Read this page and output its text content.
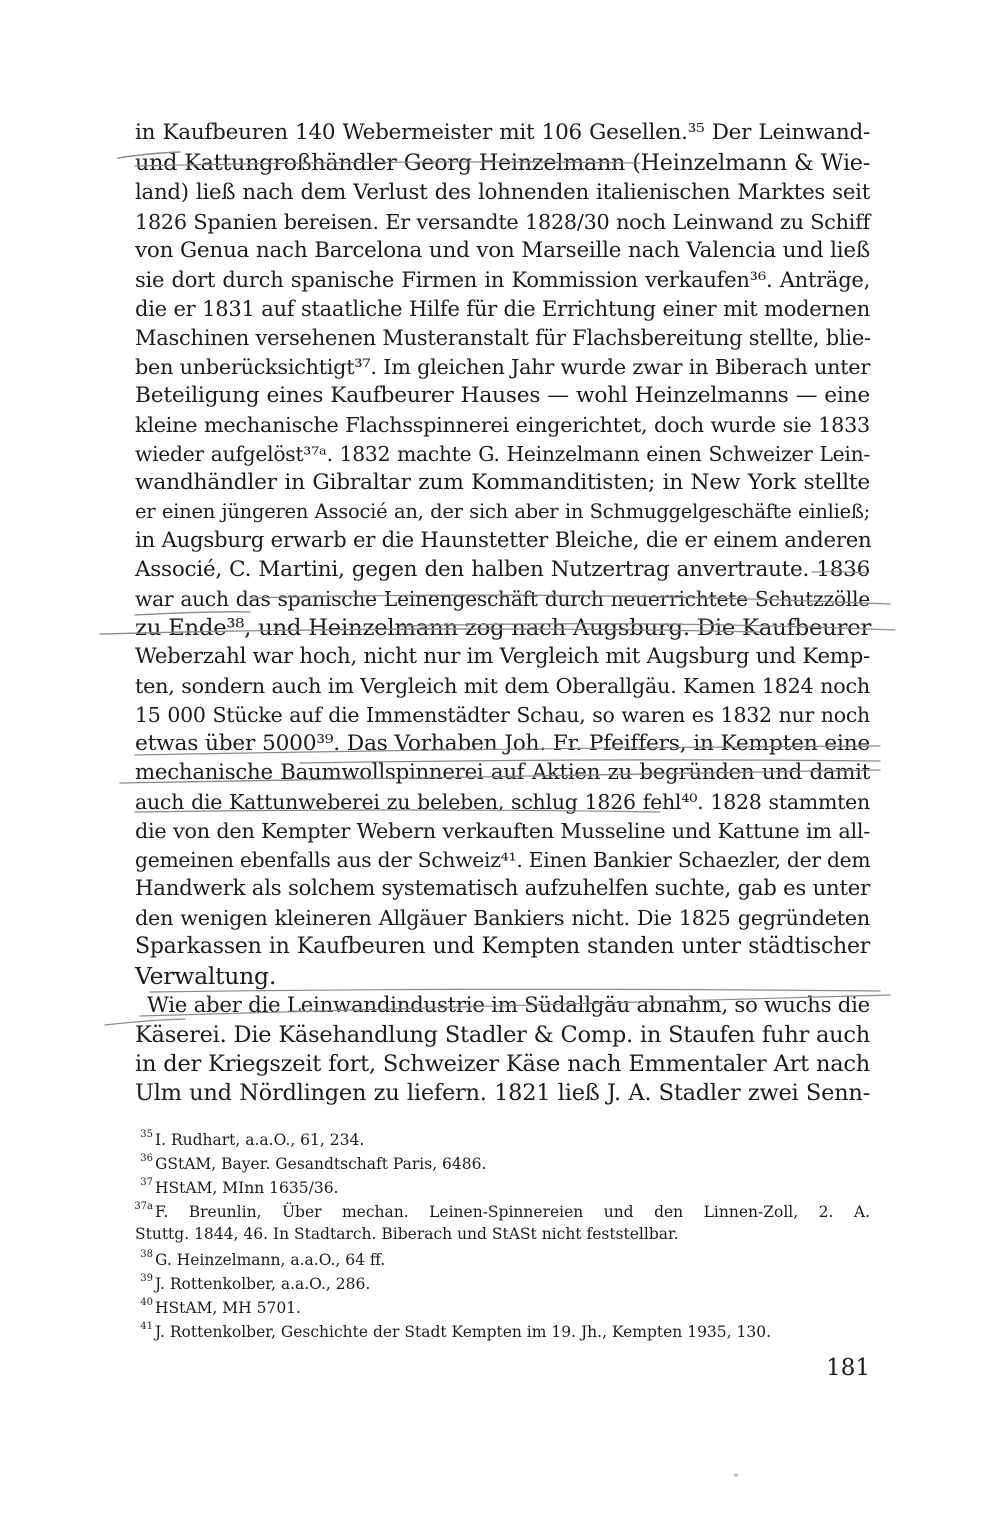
in Kaufbeuren 140 Webermeister mit 106 Gesellen.³⁵ Der Leinwand-
und Kattungroßhändler Georg Heinzelmann (Heinzelmann & Wie-
land) ließ nach dem Verlust des lohnenden italienischen Marktes seit
1826 Spanien bereisen. Er versandte 1828/30 noch Leinwand zu Schiff
von Genua nach Barcelona und von Marseille nach Valencia und ließ
sie dort durch spanische Firmen in Kommission verkaufen³⁶. Anträge,
die er 1831 auf staatliche Hilfe für die Errichtung einer mit modernen
Maschinen versehenen Musteranstalt für Flachsbereitung stellte, blie-
ben unberücksichtigt³⁷. Im gleichen Jahr wurde zwar in Biberach unter
Beteiligung eines Kaufbeurer Hauses — wohl Heinzelmanns — eine
kleine mechanische Flachsspinnerei eingerichtet, doch wurde sie 1833
wieder aufgelöst³⁷ᵃ. 1832 machte G. Heinzelmann einen Schweizer Lein-
wandhändler in Gibraltar zum Kommanditisten; in New York stellte
er einen jüngeren Associé an, der sich aber in Schmuggelgeschäfte einließ;
in Augsburg erwarb er die Haunstetter Bleiche, die er einem anderen
Associé, C. Martini, gegen den halben Nutzertrag anvertraute. 1836
war auch das spanische Leinengeschäft durch neuerrichtete Schutzzölle
zu Ende³⁸, und Heinzelmann zog nach Augsburg. Die Kaufbeurer
Weberzahl war hoch, nicht nur im Vergleich mit Augsburg und Kemp-
ten, sondern auch im Vergleich mit dem Oberallgäu. Kamen 1824 noch
15 000 Stücke auf die Immenstädter Schau, so waren es 1832 nur noch
etwas über 5000³⁹. Das Vorhaben Joh. Fr. Pfeiffers, in Kempten eine
mechanische Baumwollspinnerei auf Aktien zu begründen und damit
auch die Kattunweberei zu beleben, schlug 1826 fehl⁴⁰. 1828 stammten
die von den Kempter Webern verkauften Musseline und Kattune im all-
gemeinen ebenfalls aus der Schweiz⁴¹. Einen Bankier Schaezler, der dem
Handwerk als solchem systematisch aufzuhelfen suchte, gab es unter
den wenigen kleineren Allgäuer Bankiers nicht. Die 1825 gegründeten
Sparkassen in Kaufbeuren und Kempten standen unter städtischer
Verwaltung.
Wie aber die Leinwandindustrie im Südallgäu abnahm, so wuchs die
Käserei. Die Käsehandlung Stadler & Comp. in Staufen fuhr auch
in der Kriegszeit fort, Schweizer Käse nach Emmentaler Art nach
Ulm und Nördlingen zu liefern. 1821 ließ J. A. Stadler zwei Senn-
35 I. Rudhart, a.a.O., 61, 234.
36 GStAM, Bayer. Gesandtschaft Paris, 6486.
37 HStAM, MInn 1635/36.
37a F. Breunlin, Über mechan. Leinen-Spinnereien und den Linnen-Zoll, 2. A.
Stuttg. 1844, 46. In Stadtarch. Biberach und StASt nicht feststellbar.
38 G. Heinzelmann, a.a.O., 64 ff.
39 J. Rottenkolber, a.a.O., 286.
40 HStAM, MH 5701.
41 J. Rottenkolber, Geschichte der Stadt Kempten im 19. Jh., Kempten 1935, 130.
181
